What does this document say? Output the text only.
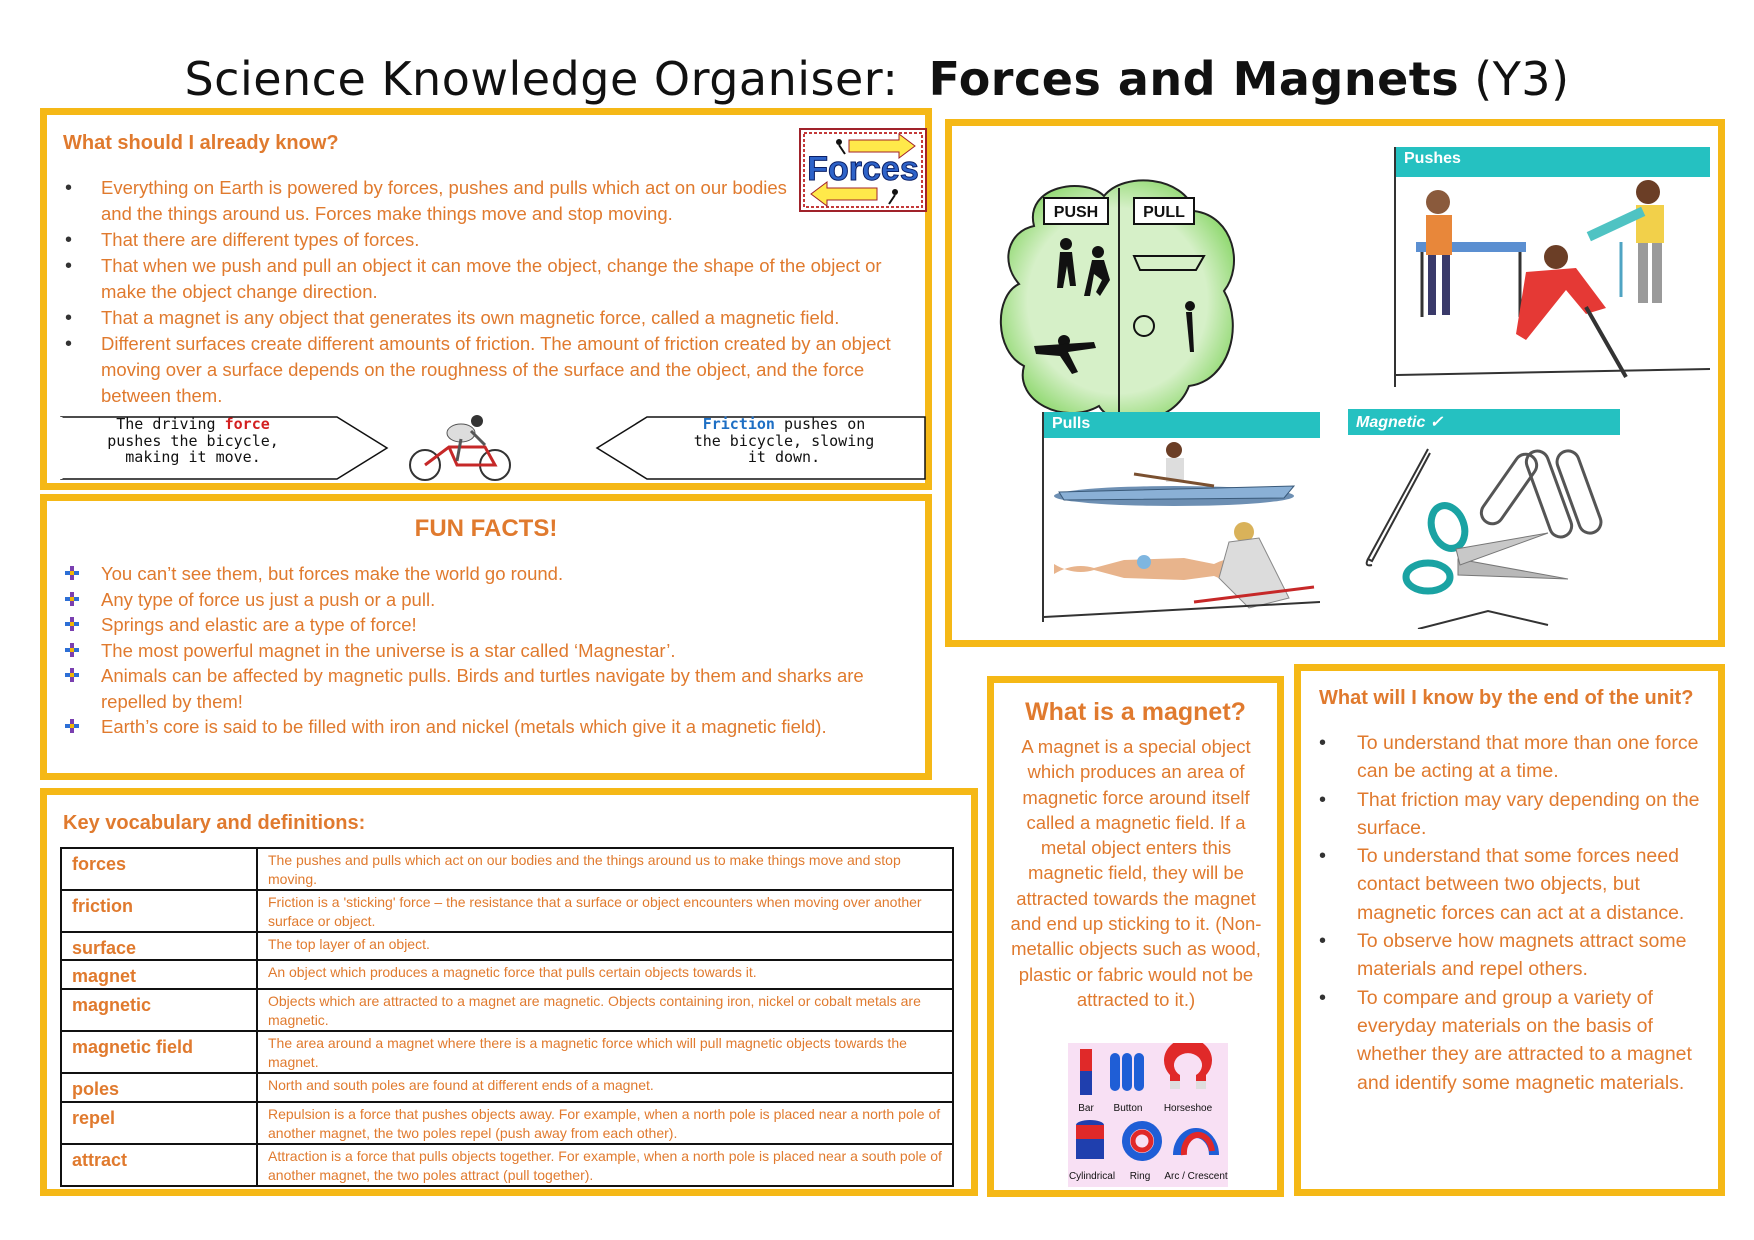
Science Knowledge Organiser: Forces and Magnets (Y3)
What should I already know?
Forces
• Everything on Earth is powered by forces, pushes and pulls which act on our bodies and the things around us. Forces make things move and stop moving.
• That there are different types of forces.
• That when we push and pull an object it can move the object, change the shape of the object or make the object change direction.
• That a magnet is any object that generates its own magnetic force, called a magnetic field.
• Different surfaces create different amounts of friction. The amount of friction created by an object moving over a surface depends on the roughness of the surface and the object, and the force between them.
The driving force
pushes the bicycle,
making it move.
Friction pushes on
the bicycle, slowing
it down.
FUN FACTS!
You can’t see them, but forces make the world go round.
Any type of force us just a push or a pull.
Springs and elastic are a type of force!
The most powerful magnet in the universe is a star called ‘Magnestar’.
Animals can be affected by magnetic pulls. Birds and turtles navigate by them and sharks are repelled by them!
Earth’s core is said to be filled with iron and nickel (metals which give it a magnetic field).
Key vocabulary and definitions:
forces	The pushes and pulls which act on our bodies and the things around us to make things move and stop moving.
friction	Friction is a 'sticking' force – the resistance that a surface or object encounters when moving over another surface or object.
surface	The top layer of an object.
magnet	An object which produces a magnetic force that pulls certain objects towards it.
magnetic	Objects which are attracted to a magnet are magnetic. Objects containing iron, nickel or cobalt metals are magnetic.
magnetic field	The area around a magnet where there is a magnetic force which will pull magnetic objects towards the magnet.
poles	North and south poles are found at different ends of a magnet.
repel	Repulsion is a force that pushes objects away. For example, when a north pole is placed near a north pole of another magnet, the two poles repel (push away from each other).
attract	Attraction is a force that pulls objects together. For example, when a north pole is placed near a south pole of another magnet, the two poles attract (pull together).
PUSH	PULL
Pushes
Pulls	Magnetic ✓
What is a magnet?
A magnet is a special object which produces an area of magnetic force around itself called a magnetic field. If a metal object enters this magnetic field, they will be attracted towards the magnet and end up sticking to it. (Non-metallic objects such as wood, plastic or fabric would not be attracted to it.)
Bar Button Horseshoe
Cylindrical Ring Arc / Crescent
What will I know by the end of the unit?
• To understand that more than one force can be acting at a time.
• That friction may vary depending on the surface.
• To understand that some forces need contact between two objects, but magnetic forces can act at a distance.
• To observe how magnets attract some materials and repel others.
• To compare and group a variety of everyday materials on the basis of whether they are attracted to a magnet and identify some magnetic materials.
